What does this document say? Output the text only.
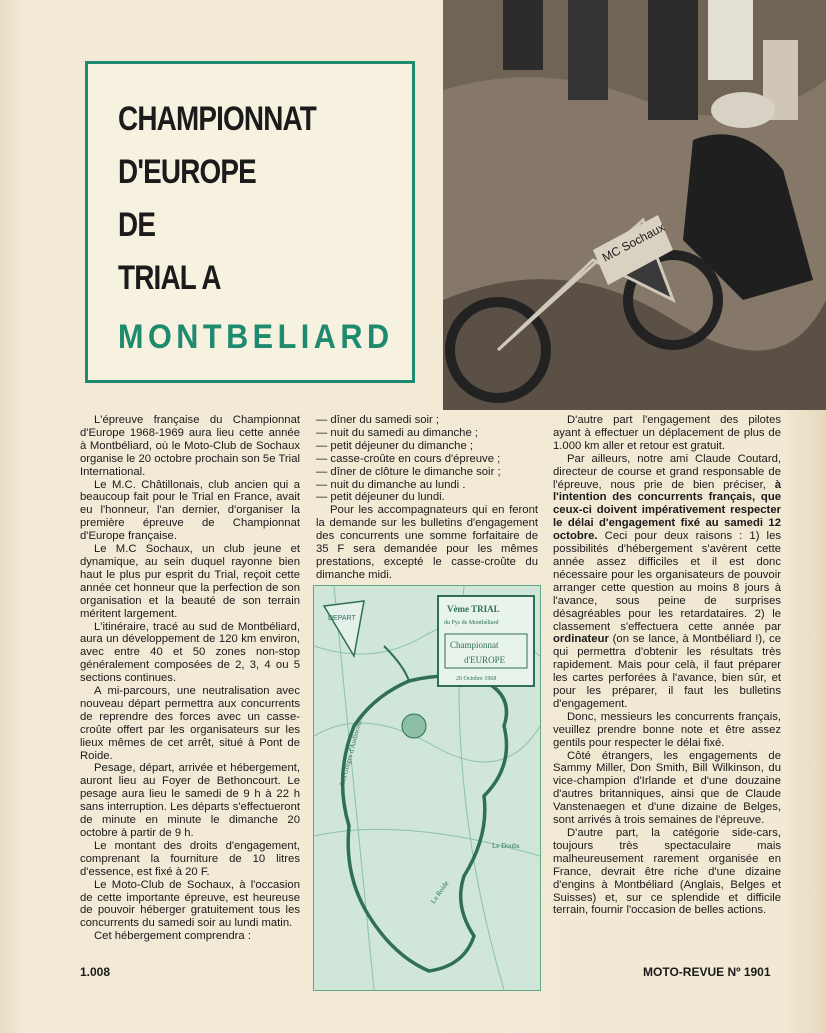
CHAMPIONNAT
D'EUROPE
DE
TRIAL A
MONTBELIARD
MC Sochaux

L'épreuve française du Championnat d'Europe 1968-1969 aura lieu cette année à Montbéliard, où le Moto-Club de Sochaux organise le 20 octobre prochain son 5e Trial International.

Le M.C. Châtillonais, club ancien qui a beaucoup fait pour le Trial en France, avait eu l'honneur, l'an dernier, d'organiser la première épreuve de Championnat d'Europe française.

Le M.C Sochaux, un club jeune et dynamique, au sein duquel rayonne bien haut le plus pur esprit du Trial, reçoit cette année cet honneur que la perfection de son organisation et la beauté de son terrain méritent largement.

L'itinéraire, tracé au sud de Montbéliard, aura un développement de 120 km environ, avec entre 40 et 50 zones non-stop généralement composées de 2, 3, 4 ou 5 sections continues.

A mi-parcours, une neutralisation avec nouveau départ permettra aux concurrents de reprendre des forces avec un casse-croûte offert par les organisateurs sur les lieux mêmes de cet arrêt, situé à Pont de Roide.

Pesage, départ, arrivée et hébergement, auront lieu au Foyer de Bethoncourt. Le pesage aura lieu le samedi de 9 h à 22 h sans interruption. Les départs s'effectueront de minute en minute le dimanche 20 octobre à partir de 9 h.

Le montant des droits d'engagement, comprenant la fourniture de 10 litres d'essence, est fixé à 20 F.

Le Moto-Club de Sochaux, à l'occasion de cette importante épreuve, est heureuse de pouvoir héberger gratuitement tous les concurrents du samedi soir au lundi matin.

Cet hébergement comprendra :

— dîner du samedi soir ;

— nuit du samedi au dimanche ;

— petit déjeuner du dimanche ;

— casse-croûte en cours d'épreuve ;

— dîner de clôture le dimanche soir ;

— nuit du dimanche au lundi .

— petit déjeuner du lundi.

Pour les accompagnateurs qui en feront la demande sur les bulletins d'engagement des concurrents une somme forfaitaire de 35 F sera demandée pour les mêmes prestations, excepté le casse-croûte du dimanche midi.

DEPART
Vème TRIAL
du Pys de Montbéliard
Championnat
d'EUROPE
20 Octobre 1968
Le Doubs
La Roide
Les Gorges d'Audincourt

D'autre part l'engagement des pilotes ayant à effectuer un déplacement de plus de 1.000 km aller et retour est gratuit.

Par ailleurs, notre ami Claude Coutard, directeur de course et grand responsable de l'épreuve, nous prie de bien préciser, à l'intention des concurrents français, que ceux-ci doivent impérativement respecter le délai d'engagement fixé au samedi 12 octobre. Ceci pour deux raisons : 1) les possibilités d'hébergement s'avèrent cette année assez difficiles et il est donc nécessaire pour les organisateurs de pouvoir arranger cette question au moins 8 jours à l'avance, sous peine de surprises désagréables pour les retardataires. 2) le classement s'effectuera cette année par ordinateur (on se lance, à Montbéliard !), ce qui permettra d'obtenir les résultats très rapidement. Mais pour celà, il faut préparer les cartes perforées à l'avance, bien sûr, et pour les préparer, il faut les bulletins d'engagement.

Donc, messieurs les concurrents français, veuillez prendre bonne note et être assez gentils pour respecter le délai fixé.

Côté étrangers, les engagements de Sammy Miller, Don Smith, Bill Wilkinson, du vice-champion d'Irlande et d'une douzaine d'autres britanniques, ainsi que de Claude Vanstenaegen et d'une dizaine de Belges, sont arrivés à trois semaines de l'épreuve.

D'autre part, la catégorie side-cars, toujours très spectaculaire mais malheureusement rarement organisée en France, devrait être riche d'une dizaine d'engins à Montbéliard (Anglais, Belges et Suisses) et, sur ce splendide et difficile terrain, fournir l'occasion de belles actions.

1.008	MOTO-REVUE Nº 1901
